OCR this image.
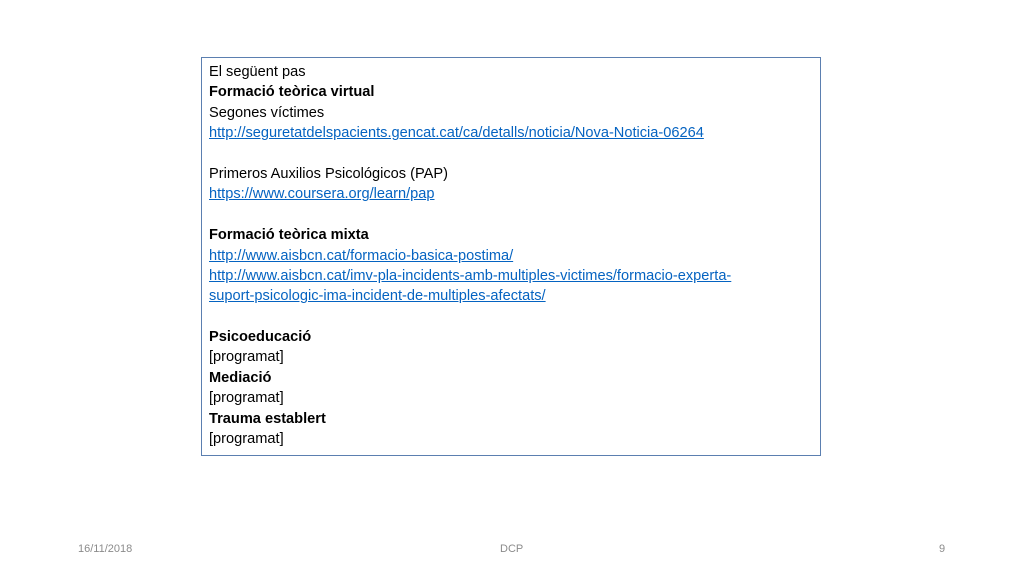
El següent pas
Formació teòrica virtual
Segones víctimes
http://seguretatdelspacients.gencat.cat/ca/detalls/noticia/Nova-Noticia-06264
Primeros Auxilios Psicológicos (PAP)
https://www.coursera.org/learn/pap
Formació teòrica mixta
http://www.aisbcn.cat/formacio-basica-postima/
http://www.aisbcn.cat/imv-pla-incidents-amb-multiples-victimes/formacio-experta-
suport-psicologic-ima-incident-de-multiples-afectats/
Psicoeducació
[programat]
Mediació
[programat]
Trauma establert
[programat]
16/11/2018	DCP	9
